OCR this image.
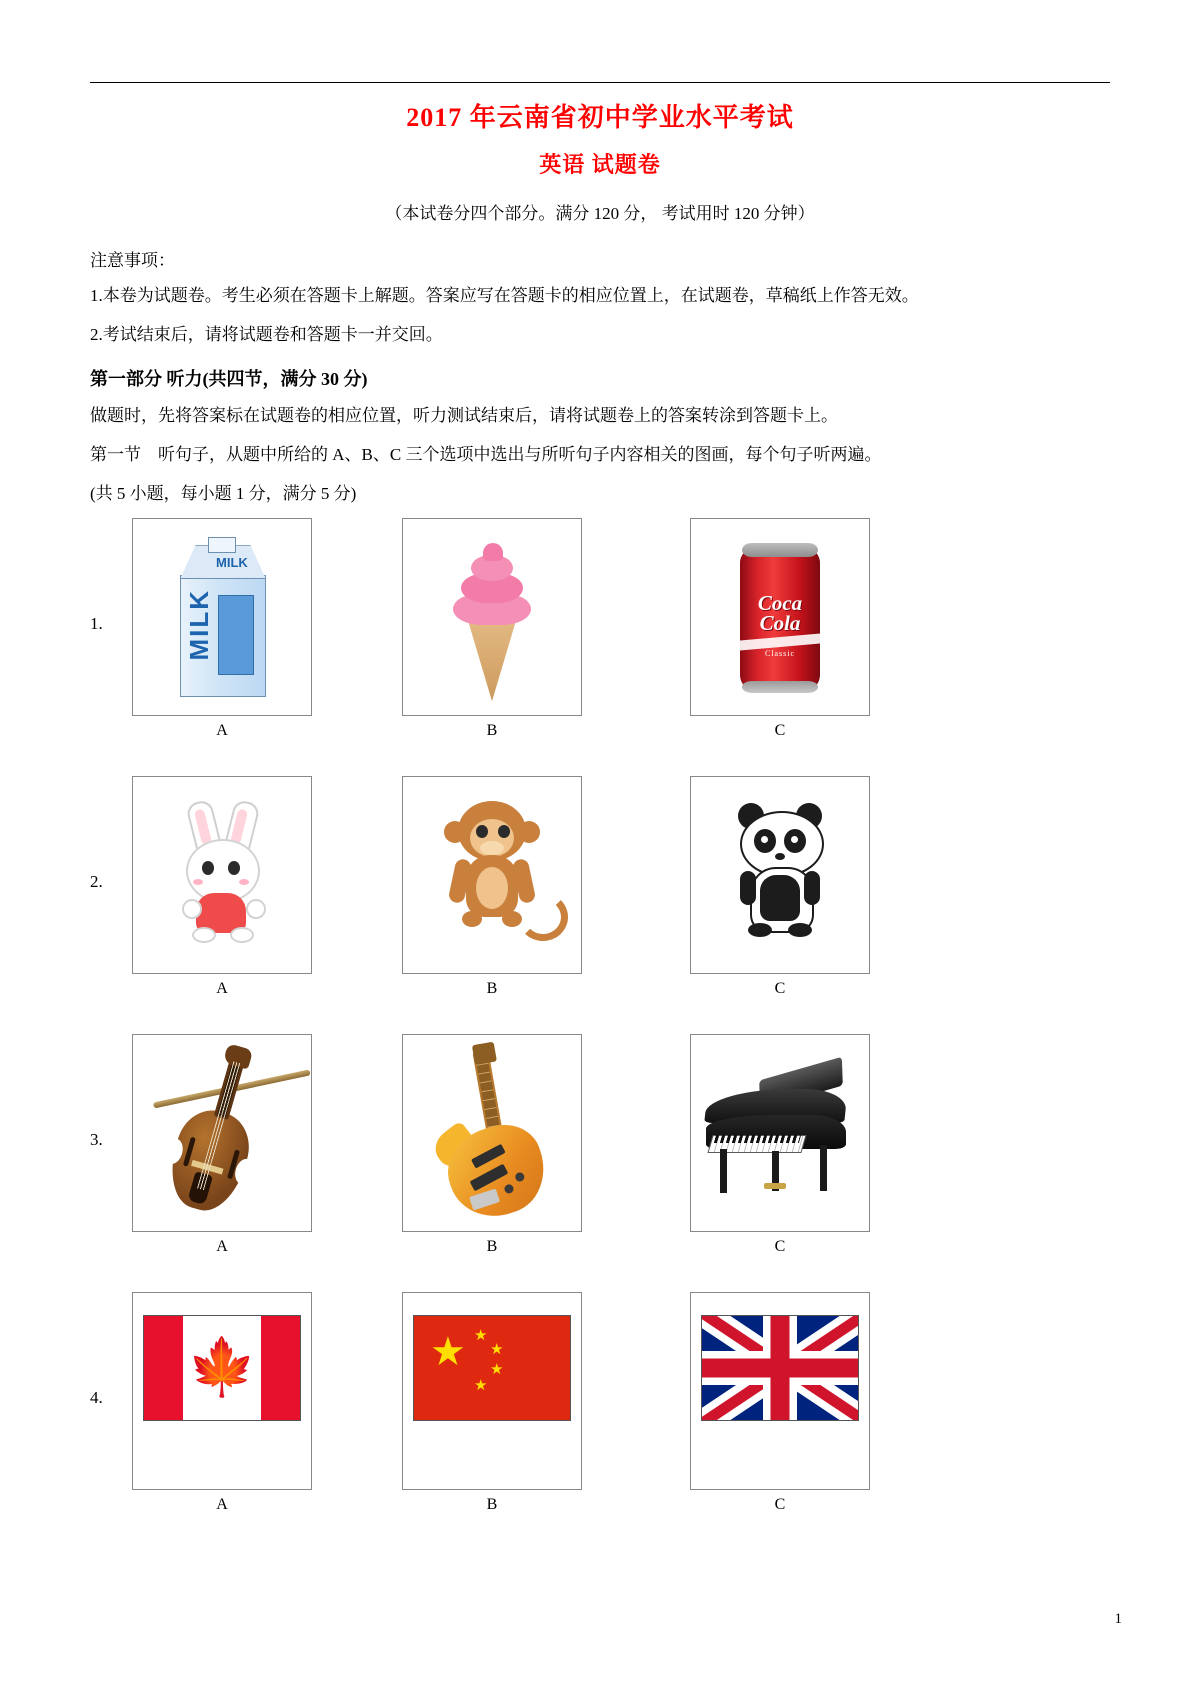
2017 年云南省初中学业水平考试
英语 试题卷
（本试卷分四个部分。满分 120 分， 考试用时 120 分钟）
注意事项：
1.本卷为试题卷。考生必须在答题卡上解题。答案应写在答题卡的相应位置上，在试题卷，草稿纸上作答无效。
2.考试结束后，请将试题卷和答题卡一并交回。
第一部分 听力(共四节，满分 30 分)
做题时，先将答案标在试题卷的相应位置，听力测试结束后，请将试题卷上的答案转涂到答题卡上。
第一节　听句子，从题中所给的 A、B、C 三个选项中选出与所听句子内容相关的图画，每个句子听两遍。
(共 5 小题，每小题 1 分，满分 5 分)
1.	MILK
MILK
A	B
Coca
Cola
Classic
C
2.
A	B	C
3.
A	B	C
4.	🍁
A
★ ★
★
★
★
B	C
1
